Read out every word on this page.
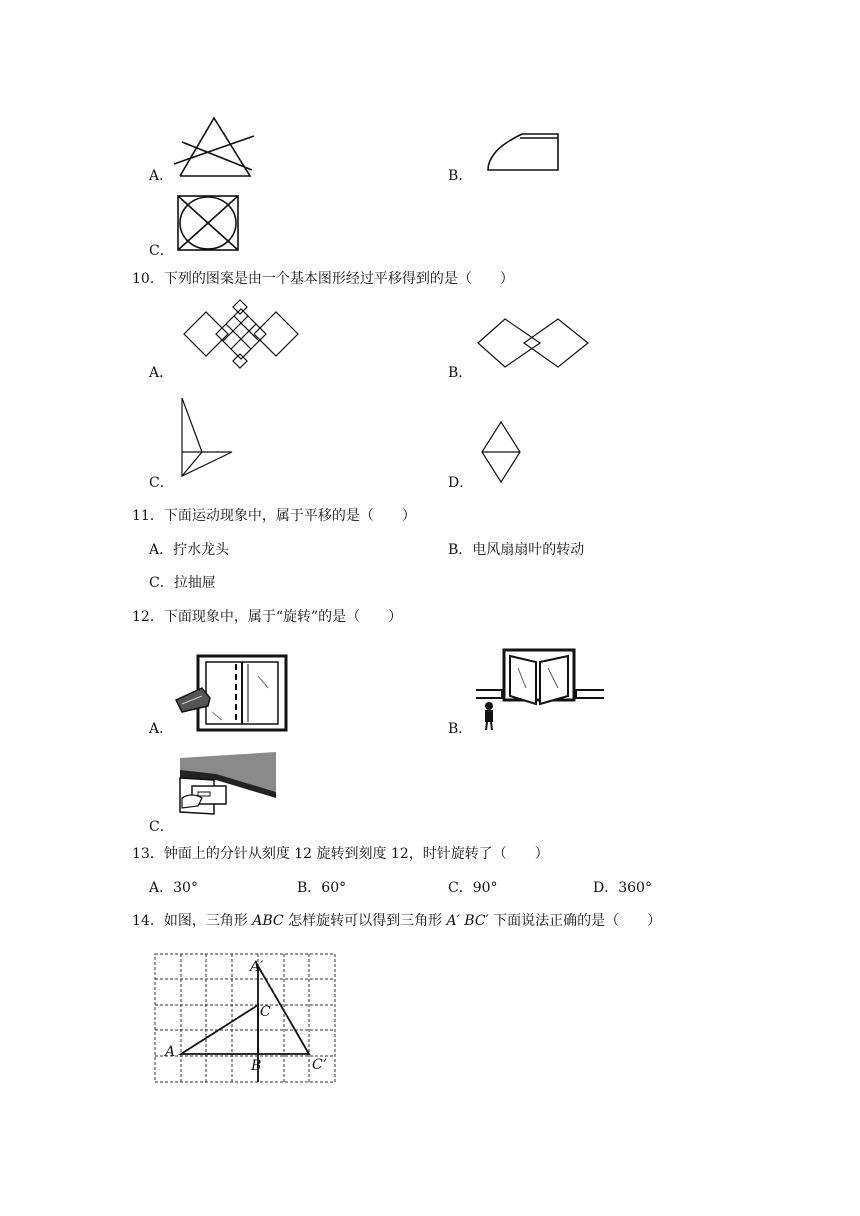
A．	B．
C．
10．下列的图案是由一个基本图形经过平移得到的是（　　）
A．	B．
C．	D．
11．下面运动现象中，属于平移的是（　　）
A．拧水龙头	B．电风扇扇叶的转动
C．拉抽屉
12．下面现象中，属于“旋转”的是（　　）
A．	B．
C．
13．钟面上的分针从刻度 12 旋转到刻度 12，时针旋转了（　　）
A．30°	B．60°	C．90°	D．360°
14．如图，三角形 ABC 怎样旋转可以得到三角形 A′ BC′ 下面说法正确的是（　　）
A′
C
A
B	C’
